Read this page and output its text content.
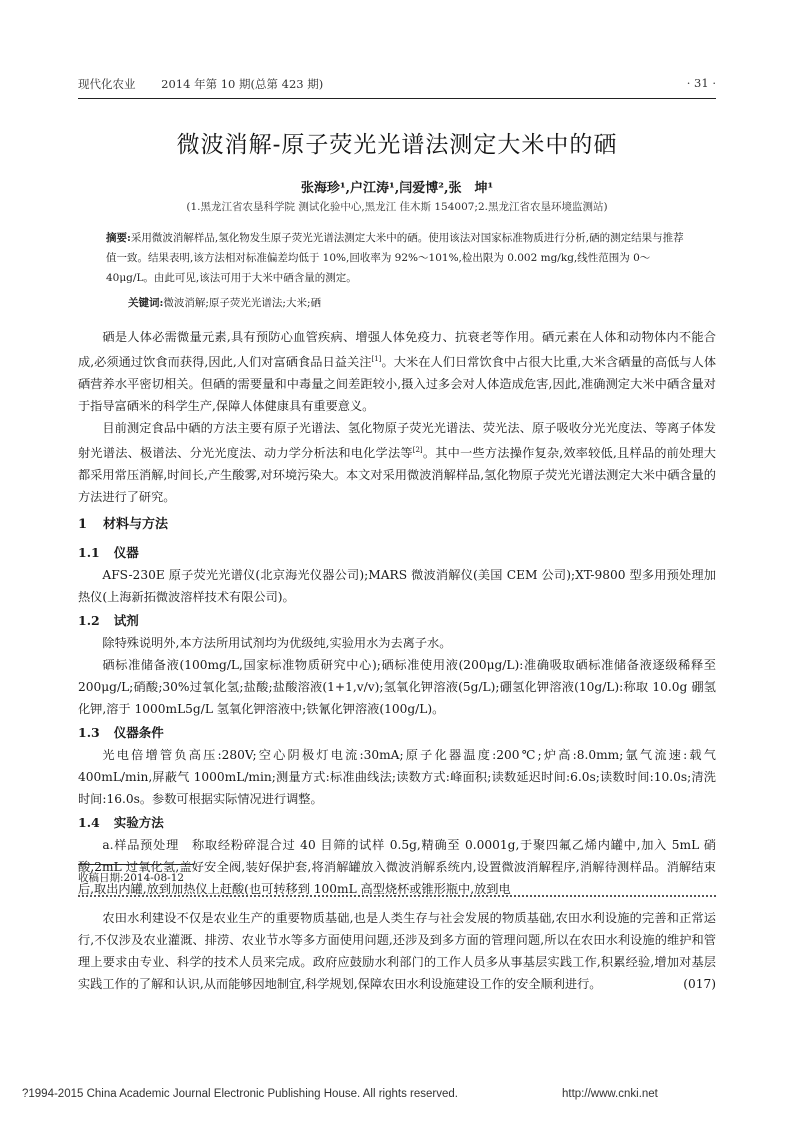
现代化农业 2014 年第 10 期(总第 423 期)	· 31 ·
微波消解-原子荧光光谱法测定大米中的硒
张海珍¹,户江涛¹,闫爱博²,张　坤¹
(1.黑龙江省农垦科学院 测试化验中心,黑龙江 佳木斯 154007;2.黑龙江省农垦环境监测站)
摘要:采用微波消解样品,氢化物发生原子荧光光谱法测定大米中的硒。使用该法对国家标准物质进行分析,硒的测定结果与推荐值一致。结果表明,该方法相对标准偏差均低于 10%,回收率为 92%～101%,检出限为 0.002 mg/kg,线性范围为 0～40μg/L。由此可见,该法可用于大米中硒含量的测定。
关键词:微波消解;原子荧光光谱法;大米;硒

硒是人体必需微量元素,具有预防心血管疾病、增强人体免疫力、抗衰老等作用。硒元素在人体和动物体内不能合成,必须通过饮食而获得,因此,人们对富硒食品日益关注[1]。大米在人们日常饮食中占很大比重,大米含硒量的高低与人体硒营养水平密切相关。但硒的需要量和中毒量之间差距较小,摄入过多会对人体造成危害,因此,准确测定大米中硒含量对于指导富硒米的科学生产,保障人体健康具有重要意义。

目前测定食品中硒的方法主要有原子光谱法、氢化物原子荧光光谱法、荧光法、原子吸收分光光度法、等离子体发射光谱法、极谱法、分光光度法、动力学分析法和电化学法等[2]。其中一些方法操作复杂,效率较低,且样品的前处理大都采用常压消解,时间长,产生酸雾,对环境污染大。本文对采用微波消解样品,氢化物原子荧光光谱法测定大米中硒含量的方法进行了研究。

1 材料与方法
1.1 仪器

AFS-230E 原子荧光光谱仪(北京海光仪器公司);MARS 微波消解仪(美国 CEM 公司);XT-9800 型多用预处理加热仪(上海新拓微波溶样技术有限公司)。

1.2 试剂

除特殊说明外,本方法所用试剂均为优级纯,实验用水为去离子水。

硒标准储备液(100mg/L,国家标准物质研究中心);硒标准使用液(200μg/L):准确吸取硒标准储备液逐级稀释至 200μg/L;硝酸;30%过氧化氢;盐酸;盐酸溶液(1+1,v/v);氢氧化钾溶液(5g/L);硼氢化钾溶液(10g/L):称取 10.0g 硼氢化钾,溶于 1000mL5g/L 氢氧化钾溶液中;铁氰化钾溶液(100g/L)。

1.3 仪器条件

光电倍增管负高压:280V;空心阴极灯电流:30mA;原子化器温度:200℃;炉高:8.0mm;氩气流速:载气 400mL/min,屏蔽气 1000mL/min;测量方式:标准曲线法;读数方式:峰面积;读数延迟时间:6.0s;读数时间:10.0s;清洗时间:16.0s。参数可根据实际情况进行调整。

1.4 实验方法

a.样品预处理　称取经粉碎混合过 40 目筛的试样 0.5g,精确至 0.0001g,于聚四氟乙烯内罐中,加入 5mL 硝酸,2mL 过氧化氢,盖好安全阀,装好保护套,将消解罐放入微波消解系统内,设置微波消解程序,消解待测样品。消解结束后,取出内罐,放到加热仪上赶酸(也可转移到 100mL 高型烧杯或锥形瓶中,放到电

收稿日期:2014-08-12

农田水利建设不仅是农业生产的重要物质基础,也是人类生存与社会发展的物质基础,农田水利设施的完善和正常运行,不仅涉及农业灌溉、排涝、农业节水等多方面使用问题,还涉及到多方面的管理问题,所以在农田水利设施的维护和管理上要求由专业、科学的技术人员来完成。政府应鼓励水利部门的工作人员多从事基层实践工作,积累经验,增加对基层实践工作的了解和认识,从而能够因地制宜,科学规划,保障农田水利设施建设工作的安全顺利进行。	(017)

?1994-2015 China Academic Journal Electronic Publishing House. All rights reserved.	http://www.cnki.net
